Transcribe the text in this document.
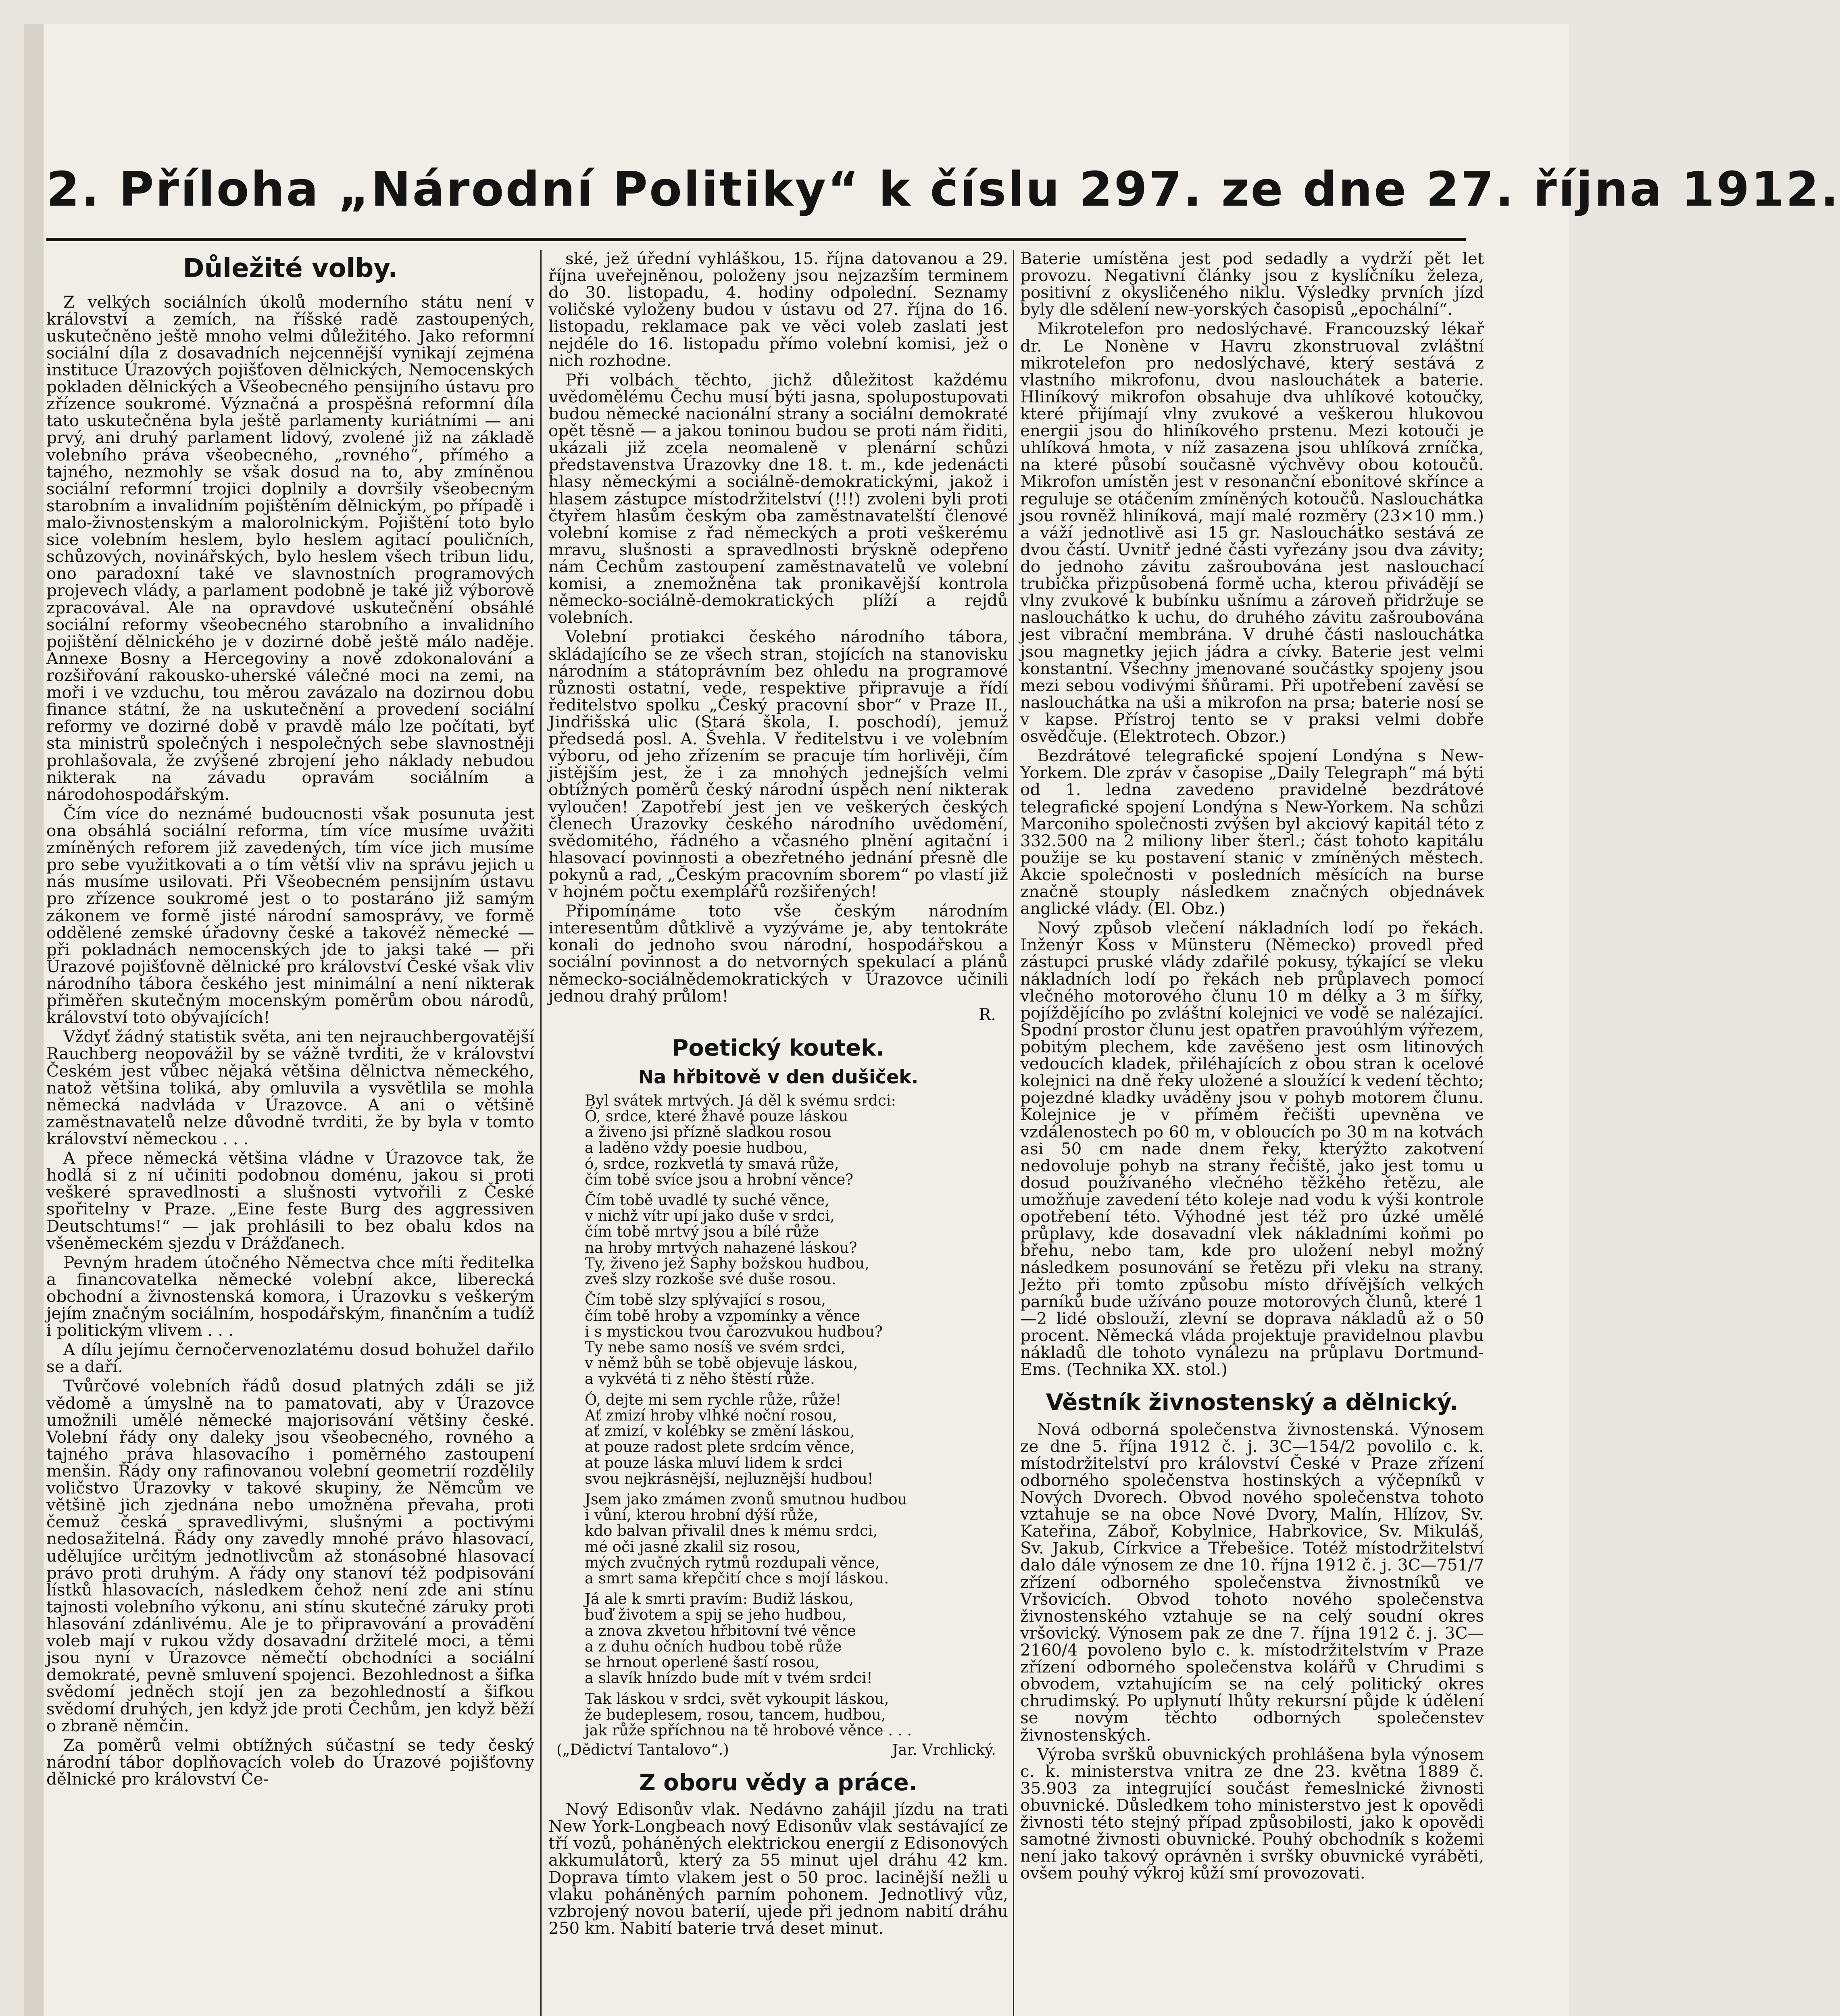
2. Příloha „Národní Politiky“ k číslu 297. ze dne 27. října 1912.
Důležité volby.

Z velkých sociálních úkolů moderního státu není v království a zemích, na říšské radě zastoupených, uskutečněno ještě mnoho velmi důležitého. Jako reformní sociální díla z dosavadních nejcennější vynikají zejména instituce Úrazových pojišťoven dělnických, Nemocenských pokladen dělnických a Všeobecného pensijního ústavu pro zřízence soukromé. Význačná a prospěšná reformní díla tato uskutečněna byla ještě parlamenty kuriátními — ani prvý, ani druhý parlament lidový, zvolené již na základě volebního práva všeobecného, „rovného“, přímého a tajného, nezmohly se však dosud na to, aby zmíněnou sociální reformní trojici doplnily a dovršily všeobecným starobním a invalidním pojištěním dělnickým, po případě i malo-živnostenským a malorolnickým. Pojištění toto bylo sice volebním heslem, bylo heslem agitací pouličních, schůzových, novinářských, bylo heslem všech tribun lidu, ono paradoxní také ve slavnostních programových projevech vlády, a parlament podobně je také již výborově zpracovával. Ale na opravdové uskutečnění obsáhlé sociální reformy všeobecného starobního a invalidního pojištění dělnického je v dozirné době ještě málo naděje. Annexe Bosny a Hercegoviny a nově zdokonalování a rozšiřování rakousko-uherské válečné moci na zemi, na moři i ve vzduchu, tou měrou zavázalo na dozirnou dobu finance státní, že na uskutečnění a provedení sociální reformy ve dozirné době v pravdě málo lze počítati, byť sta ministrů společných i nespolečných sebe slavnostněji prohlašovala, že zvýšené zbrojení jeho náklady nebudou nikterak na závadu opravám sociálním a národohospodářským.

Čím více do neznámé budoucnosti však posunuta jest ona obsáhlá sociální reforma, tím více musíme uvážiti zmíněných reforem již zavedených, tím více jich musíme pro sebe využitkovati a o tím větší vliv na správu jejich u nás musíme usilovati. Při Všeobecném pensijním ústavu pro zřízence soukromé jest o to postaráno již samým zákonem ve formě jisté národní samosprávy, ve formě oddělené zemské úřadovny české a takovéž německé — při pokladnách nemocenských jde to jaksi také — při Úrazové pojišťovně dělnické pro království České však vliv národního tábora českého jest minimální a není nikterak přiměřen skutečným mocenským poměrům obou národů, království toto obývajících!

Vždyť žádný statistik světa, ani ten nejrauchbergovatější Rauchberg neopovážil by se vážně tvrditi, že v království Českém jest vůbec nějaká většina dělnictva německého, natož většina toliká, aby omluvila a vysvětlila se mohla německá nadvláda v Úrazovce. A ani o většině zaměstnavatelů nelze důvodně tvrditi, že by byla v tomto království německou . . .

A přece německá většina vládne v Úrazovce tak, že hodlá si z ní učiniti podobnou doménu, jakou si proti veškeré spravedlnosti a slušnosti vytvořili z České spořitelny v Praze. „Eine feste Burg des aggressiven Deutschtums!“ — jak prohlásili to bez obalu kdos na všeněmeckém sjezdu v Drážďanech.

Pevným hradem útočného Němectva chce míti ředitelka a financovatelka německé volební akce, liberecká obchodní a živnostenská komora, i Úrazovku s veškerým jejím značným sociálním, hospodářským, finančním a tudíž i politickým vlivem . . .

A dílu jejímu černočervenozlatému dosud bohužel dařilo se a daří.

Tvůrčové volebních řádů dosud platných zdáli se již vědomě a úmyslně na to pamatovati, aby v Úrazovce umožnili umělé německé majorisování většiny české. Volební řády ony daleky jsou všeobecného, rovného a tajného práva hlasovacího i poměrného zastoupení menšin. Řády ony rafinovanou volební geometrií rozdělily voličstvo Úrazovky v takové skupiny, že Němcům ve většině jich zjednána nebo umožněna převaha, proti čemuž česká spravedlivými, slušnými a poctivými nedosažitelná. Řády ony zavedly mnohé právo hlasovací, udělujíce určitým jednotlivcům až stonásobné hlasovací právo proti druhým. A řády ony stanoví též podpisování lístků hlasovacích, následkem čehož není zde ani stínu tajnosti volebního výkonu, ani stínu skutečné záruky proti hlasování zdánlivému. Ale je to připravování a provádění voleb mají v rukou vždy dosavadní držitelé moci, a těmi jsou nyní v Úrazovce němečtí obchodníci a sociální demokraté, pevně smluvení spojenci. Bezohlednost a šifka svědomí jedněch stojí jen za bezohledností a šifkou svědomí druhých, jen když jde proti Čechům, jen když běží o zbraně němčin.

Za poměrů velmi obtížných súčastní se tedy český národní tábor doplňovacích voleb do Úrazové pojišťovny dělnické pro království Če-

ské, jež úřední vyhláškou, 15. října datovanou a 29. října uveřejněnou, položeny jsou nejzazším terminem do 30. listopadu, 4. hodiny odpolední. Seznamy voličské vyloženy budou v ústavu od 27. října do 16. listopadu, reklamace pak ve věci voleb zaslati jest nejdéle do 16. listopadu přímo volební komisi, jež o nich rozhodne.

Při volbách těchto, jichž důležitost každému uvědomělému Čechu musí býti jasna, spolupostupovati budou německé nacionální strany a sociální demokraté opět těsně — a jakou toninou budou se proti nám řiditi, ukázali již zcela neomaleně v plenární schůzi představenstva Úrazovky dne 18. t. m., kde jedenácti hlasy německými a sociálně-demokratickými, jakož i hlasem zástupce místodržitelství (!!!) zvoleni byli proti čtyřem hlasům českým oba zaměstnavatelští členové volební komise z řad německých a proti veškerému mravu, slušnosti a spravedlnosti brýskně odepřeno nám Čechům zastoupení zaměstnavatelů ve volební komisi, a znemožněna tak pronikavější kontrola německo-sociálně-demokratických plíží a rejdů volebních.

Volební protiakci českého národního tábora, skládajícího se ze všech stran, stojících na stanovisku národním a státoprávním bez ohledu na programové různosti ostatní, vede, respektive připravuje a řídí ředitelstvo spolku „Český pracovní sbor“ v Praze II., Jindřišská ulic (Stará škola, I. poschodí), jemuž předsedá posl. A. Švehla. V ředitelstvu i ve volebním výboru, od jeho zřízením se pracuje tím horlivěji, čím jistějším jest, že i za mnohých jednejších velmi obtížných poměrů český národní úspěch není nikterak vyloučen! Zapotřebí jest jen ve veškerých českých členech Úrazovky českého národního uvědomění, svědomitého, řádného a včasného plnění agitační i hlasovací povinnosti a obezřetného jednání přesně dle pokynů a rad, „Českým pracovním sborem“ po vlastí již v hojném počtu exemplářů rozšiřených!

Připomínáme toto vše českým národním interesentům důtklivě a vyzýváme je, aby tentokráte konali do jednoho svou národní, hospodářskou a sociální povinnost a do netvorných spekulací a plánů německo-sociálnědemokratických v Úrazovce učinili jednou drahý průlom!

R.
Poetický koutek.
Na hřbitově v den dušiček.
Byl svátek mrtvých. Já děl k svému srdci:
Ó, srdce, které žhavé pouze láskou
a živeno jsi přízně sladkou rosou
a laděno vždy poesie hudbou,
ó, srdce, rozkvetlá ty smavá růže,
čím tobě svíce jsou a hrobní věnce?
Čím tobě uvadlé ty suché věnce,
v nichž vítr upí jako duše v srdci,
čím tobě mrtvý jsou a bílé růže
na hroby mrtvých nahazené láskou?
Ty, živeno jež Saphy božskou hudbou,
zveš slzy rozkoše své duše rosou.
Čím tobě slzy splývající s rosou,
čím tobě hroby a vzpomínky a věnce
i s mystickou tvou čarozvukou hudbou?
Ty nebe samo nosíš ve svém srdci,
v němž bůh se tobě objevuje láskou,
a vykvétá ti z něho štěstí růže.
Ó, dejte mi sem rychle růže, růže!
Ať zmizí hroby vlhké noční rosou,
ať zmizí, v kolébky se změní láskou,
at pouze radost plete srdcím věnce,
at pouze láska mluví lidem k srdci
svou nejkrásnější, nejluznější hudbou!
Jsem jako zmámen zvonů smutnou hudbou
i vůní, kterou hrobní dýší růže,
kdo balvan přivalil dnes k mému srdci,
mé oči jasné zkalil siz rosou,
mých zvučných rytmů rozdupali věnce,
a smrt sama křepčití chce s mojí láskou.
Já ale k smrti pravím: Budiž láskou,
buď životem a spij se jeho hudbou,
a znova zkvetou hřbitovní tvé věnce
a z duhu očních hudbou tobě růže
se hrnout operlené šastí rosou,
a slavík hnízdo bude mít v tvém srdci!
Tak láskou v srdci, svět vykoupit láskou,
že budeplesem, rosou, tancem, hudbou,
jak růže spříchnou na tě hrobové věnce . . .
(„Dědictví Tantalovo“.)	Jar. Vrchlický.
Z oboru vědy a práce.

Nový Edisonův vlak. Nedávno zahájil jízdu na trati New York-Longbeach nový Edisonův vlak sestávající ze tří vozů, poháněných elektrickou energií z Edisonových akkumulátorů, který za 55 minut ujel dráhu 42 km. Doprava tímto vlakem jest o 50 proc. lacinější nežli u vlaku poháněných parním pohonem. Jednotlivý vůz, vzbrojený novou baterií, ujede při jednom nabití dráhu 250 km. Nabití baterie trvá deset minut.

Baterie umístěna jest pod sedadly a vydrží pět let provozu. Negativní články jsou z kyslíčníku železa, positivní z okysličeného niklu. Výsledky prvních jízd byly dle sdělení new-yorských časopisů „epochální“.

Mikrotelefon pro nedoslýchavé. Francouzský lékař dr. Le Nonène v Havru zkonstruoval zvláštní mikrotelefon pro nedoslýchavé, který sestává z vlastního mikrofonu, dvou naslouchátek a baterie. Hliníkový mikrofon obsahuje dva uhlíkové kotoučky, které přijímají vlny zvukové a veškerou hlukovou energii jsou do hliníkového prstenu. Mezi kotouči je uhlíková hmota, v níž zasazena jsou uhlíková zrníčka, na které působí současně výchvěvy obou kotoučů. Mikrofon umístěn jest v resonanční ebonitové skřínce a reguluje se otáčením zmíněných kotoučů. Naslouchátka jsou rovněž hliníková, mají malé rozměry (23×10 mm.) a váží jednotlivě asi 15 gr. Naslouchátko sestává ze dvou částí. Uvnitř jedné části vyřezány jsou dva závity; do jednoho závitu zašroubována jest naslouchací trubička přizpůsobená formě ucha, kterou přivádějí se vlny zvukové k bubínku ušnímu a zároveň přidržuje se naslouchátko k uchu, do druhého závitu zašroubována jest vibrační membrána. V druhé části naslouchátka jsou magnetky jejich jádra a cívky. Baterie jest velmi konstantní. Všechny jmenované součástky spojeny jsou mezi sebou vodivými šňůrami. Při upotřebení zavěsí se naslouchátka na uši a mikrofon na prsa; baterie nosí se v kapse. Přístroj tento se v praksi velmi dobře osvědčuje. (Elektrotech. Obzor.)

Bezdrátové telegrafické spojení Londýna s New-Yorkem. Dle zpráv v časopise „Daily Telegraph“ má býti od 1. ledna zavedeno pravidelné bezdrátové telegrafické spojení Londýna s New-Yorkem. Na schůzi Marconiho společnosti zvýšen byl akciový kapitál této z 332.500 na 2 miliony liber šterl.; část tohoto kapitálu použije se ku postavení stanic v zmíněných městech. Akcie společnosti v posledních měsících na burse značně stouply následkem značných objednávek anglické vlády. (El. Obz.)

Nový způsob vlečení nákladních lodí po řekách. Inženýr Koss v Münsteru (Německo) provedl před zástupci pruské vlády zdařilé pokusy, týkající se vleku nákladních lodí po řekách neb průplavech pomocí vlečného motorového člunu 10 m délky a 3 m šířky, pojíždějícího po zvláštní kolejnici ve vodě se nalézající. Spodní prostor člunu jest opatřen pravoúhlým výřezem, pobitým plechem, kde zavěšeno jest osm litinových vedoucích kladek, přiléhajících z obou stran k ocelové kolejnici na dně řeky uložené a sloužící k vedení těchto; pojezdné kladky uváděny jsou v pohyb motorem člunu. Kolejnice je v přímém řečišti upevněna ve vzdálenostech po 60 m, v obloucích po 30 m na kotvách asi 50 cm nade dnem řeky, kterýžto zakotvení nedovoluje pohyb na strany řečiště, jako jest tomu u dosud používaného vlečného těžkého řetězu, ale umožňuje zavedení této koleje nad vodu k výši kontrole opotřebení této. Výhodné jest též pro úzké umělé průplavy, kde dosavadní vlek nákladními koňmi po břehu, nebo tam, kde pro uložení nebyl možný následkem posunování se řetězu při vleku na strany. Ježto při tomto způsobu místo dřívějších velkých parníků bude užíváno pouze motorových člunů, které 1—2 lidé obslouží, zlevní se doprava nákladů až o 50 procent. Německá vláda projektuje pravidelnou plavbu nákladů dle tohoto vynálezu na průplavu Dortmund-Ems. (Technika XX. stol.)

Věstník živnostenský a dělnický.

Nová odborná společenstva živnostenská. Výnosem ze dne 5. října 1912 č. j. 3C—154/2 povolilo c. k. místodržitelství pro království České v Praze zřízení odborného společenstva hostinských a výčepníků v Nových Dvorech. Obvod nového společenstva tohoto vztahuje se na obce Nové Dvory, Malín, Hlízov, Sv. Kateřina, Záboř, Kobylnice, Habrkovice, Sv. Mikuláš, Sv. Jakub, Církvice a Třebešice. Totéž místodržitelství dalo dále výnosem ze dne 10. října 1912 č. j. 3C—751/7 zřízení odborného společenstva živnostníků ve Vršovicích. Obvod tohoto nového společenstva živnostenského vztahuje se na celý soudní okres vršovický. Výnosem pak ze dne 7. října 1912 č. j. 3C—2160/4 povoleno bylo c. k. místodržitelstvím v Praze zřízení odborného společenstva kolářů v Chrudimi s obvodem, vztahujícím se na celý politický okres chrudimský. Po uplynutí lhůty rekursní půjde k údělení se novým těchto odborných společenstev živnostenských.

Výroba svršků obuvnických prohlášena byla výnosem c. k. ministerstva vnitra ze dne 23. května 1889 č. 35.903 za integrující součást řemeslnické živnosti obuvnické. Důsledkem toho ministerstvo jest k opovědi živnosti této stejný případ způsobilosti, jako k opovědi samotné živnosti obuvnické. Pouhý obchodník s kožemi není jako takový oprávněn i svršky obuvnické vyráběti, ovšem pouhý výkroj kůží smí provozovati.
